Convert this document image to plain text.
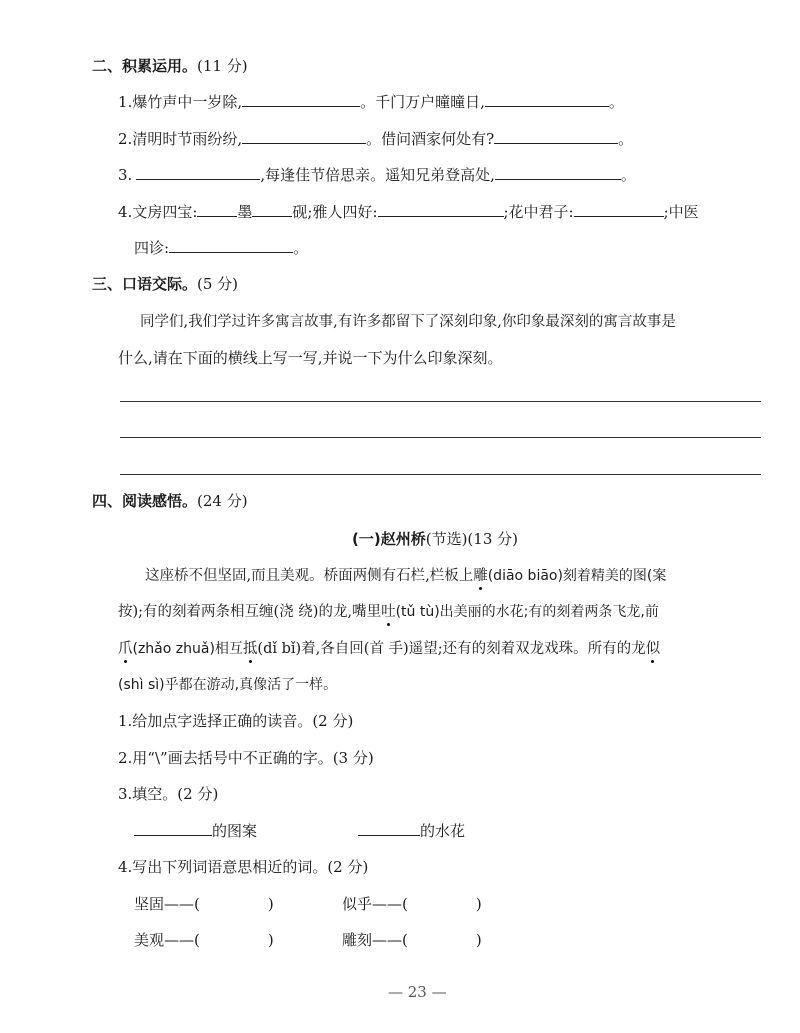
二、积累运用。(11 分)
1.爆竹声中一岁除,	。千门万户曈曈日,	。
2.清明时节雨纷纷,	。借问酒家何处有?	。
3.	,每逢佳节倍思亲。遥知兄弟登高处,	。
4.文房四宝:	墨	砚;雅人四好:	;花中君子:	;中医
四诊:	。
三、口语交际。(5 分)
同学们,我们学过许多寓言故事,有许多都留下了深刻印象,你印象最深刻的寓言故事是
什么,请在下面的横线上写一写,并说一下为什么印象深刻。
四、阅读感悟。(24 分)
(一)赵州桥(节选)(13 分)
这座桥不但坚固,而且美观。桥面两侧有石栏,栏板上雕(diāo biāo)刻着精美的图(案
按);有的刻着两条相互缠(浇 绕)的龙,嘴里吐(tǔ tù)出美丽的水花;有的刻着两条飞龙,前
爪(zhǎo zhuǎ)相互抵(dǐ bǐ)着,各自回(首 手)遥望;还有的刻着双龙戏珠。所有的龙似
(shì sì)乎都在游动,真像活了一样。
1.给加点字选择正确的读音。(2 分)
2.用“\”画去括号中不正确的字。(3 分)
3.填空。(2 分)
的图案	的水花
4.写出下列词语意思相近的词。(2 分)
坚固——(	)	似乎——(	)
美观——(	)	雕刻——(	)
— 23 —
